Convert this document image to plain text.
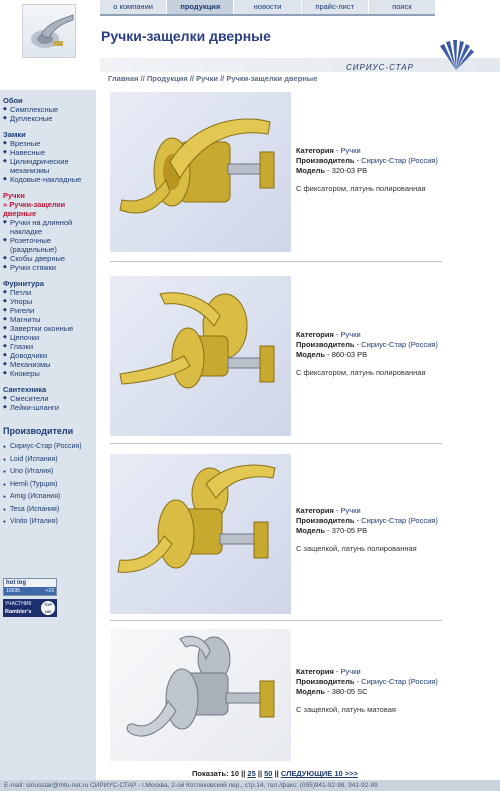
о компании	продукция	новости	прайс-лист	поиск
Ручки-защелки дверные
СИРИУС-СТАР
Главная // Продукция // Ручки // Ручки-защелки дверные
Обои
◆ Симплексные
◆ Дуплексные
Замки
◆ Врезные
◆ Навесные
◆ Цилиндрические механизмы
◆ Кодовые-накладные
Ручки
» Ручки-защелки дверные
◆ Ручки на длинной накладке
◆ Розеточные (раздельные)
◆ Скобы дверные
◆ Ручки стяжки
Фурнитура
◆ Петли
◆ Упоры
◆ Ригели
◆ Магниты
◆ Завертки оконные
◆ Цепочки
◆ Глазки
◆ Доводчики
◆ Механизмы
◆ Кнокеры
Сантехника
◆ Смесители
◆ Лейки-шланги
Производители
● Сириус-Стар (Россия)
● Loid (Испания)
● Uno (Италия)
● Hemli (Турция)
● Amig (Испания)
● Tesa (Испания)
● Vinito (Италия)
hot log
10695	+16
УЧАСТНИК
Rambler's
TOP 100
Категория - Ручки
Производитель - Сириус-Стар (Россия)
Модель - 320-03 PB
С фиксатором, латунь полированная
Категория - Ручки
Производитель - Сириус-Стар (Россия)
Модель - 860-03 PB
С фиксатором, латунь полированная
Категория - Ручки
Производитель - Сириус-Стар (Россия)
Модель - 370-05 PB
С защелкой, латунь полированная
Категория - Ручки
Производитель - Сириус-Стар (Россия)
Модель - 380-05 SC
С защелкой, латунь матовая
Показать: 10 || 25 || 50 || СЛЕДУЮЩИЕ 10 >>>
E-mail: siriusstar@mtu-net.ru СИРИУС-СТАР - г.Москва, 2-ой Котляковский пер., стр.14, тел./факс: (095)941-92-98, 941-92-99
